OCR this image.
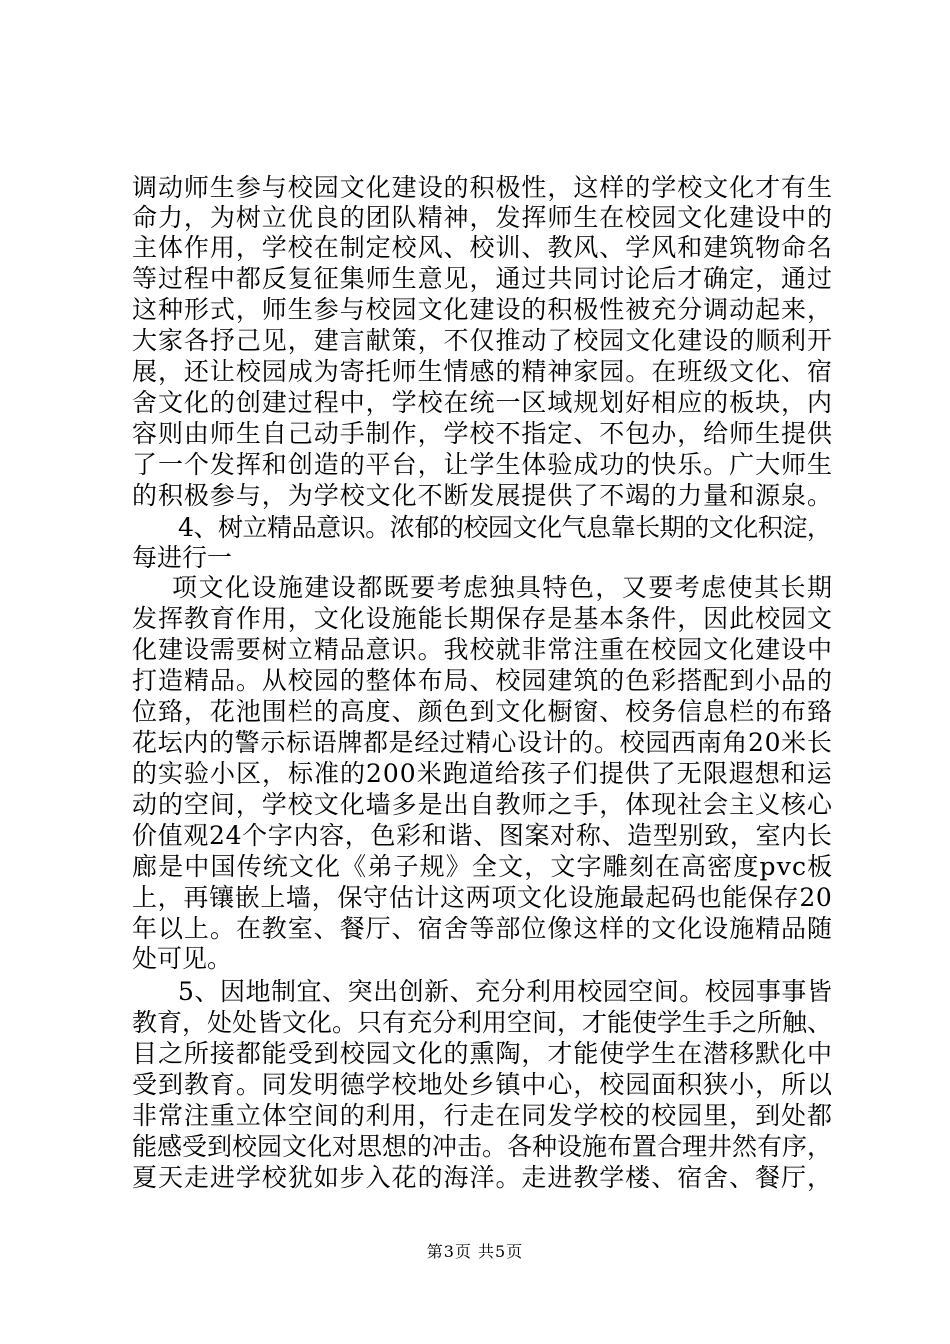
调动师生参与校园文化建设的积极性，这样的学校文化才有生
命力，为树立优良的团队精神，发挥师生在校园文化建设中的
主体作用，学校在制定校风、校训、教风、学风和建筑物命名
等过程中都反复征集师生意见，通过共同讨论后才确定，通过
这种形式，师生参与校园文化建设的积极性被充分调动起来，
大家各抒己见，建言献策，不仅推动了校园文化建设的顺利开
展，还让校园成为寄托师生情感的精神家园。在班级文化、宿
舍文化的创建过程中，学校在统一区域规划好相应的板块，内
容则由师生自己动手制作，学校不指定、不包办，给师生提供
了一个发挥和创造的平台，让学生体验成功的快乐。广大师生
的积极参与，为学校文化不断发展提供了不竭的力量和源泉。
4、树立精品意识。浓郁的校园文化气息靠长期的文化积淀，
每进行一
项文化设施建设都既要考虑独具特色，又要考虑使其长期
发挥教育作用，文化设施能长期保存是基本条件，因此校园文
化建设需要树立精品意识。我校就非常注重在校园文化建设中
打造精品。从校园的整体布局、校园建筑的色彩搭配到小品的
位臵，花池围栏的高度、颜色到文化橱窗、校务信息栏的布臵
花坛内的警示标语牌都是经过精心设计的。校园西南角20米长
的实验小区，标准的200米跑道给孩子们提供了无限遐想和运
动的空间，学校文化墙多是出自教师之手，体现社会主义核心
价值观24个字内容，色彩和谐、图案对称、造型别致，室内长
廊是中国传统文化《弟子规》全文，文字雕刻在高密度pvc板
上，再镶嵌上墙，保守估计这两项文化设施最起码也能保存20
年以上。在教室、餐厅、宿舍等部位像这样的文化设施精品随
处可见。
5、因地制宜、突出创新、充分利用校园空间。校园事事皆
教育，处处皆文化。只有充分利用空间，才能使学生手之所触、
目之所接都能受到校园文化的熏陶，才能使学生在潜移默化中
受到教育。同发明德学校地处乡镇中心，校园面积狭小，所以
非常注重立体空间的利用，行走在同发学校的校园里，到处都
能感受到校园文化对思想的冲击。各种设施布置合理井然有序，
夏天走进学校犹如步入花的海洋。走进教学楼、宿舍、餐厅，
第3页 共5页
